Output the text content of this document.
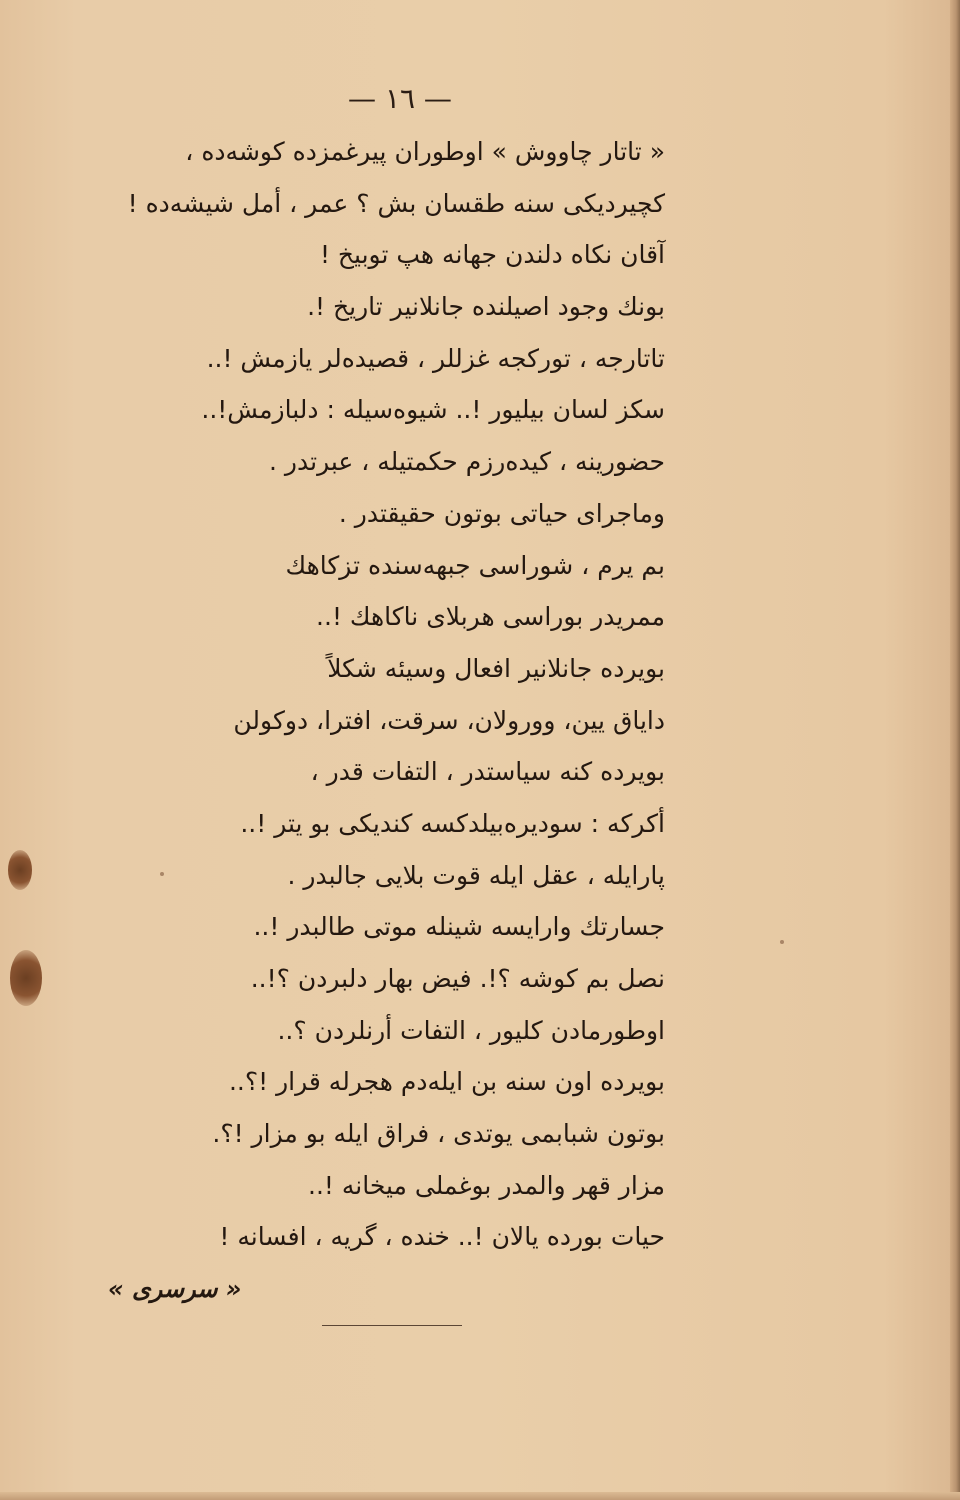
— ١٦ —
« تاتار چاووش » اوطوران پیرغمزده کوشه‌ده ،
کچیردیکی سنه طقسان بش ؟ عمر ، أمل شیشه‌ده !
آقان نکاه دلندن جهانه هپ توبیخ !
بونك وجود اصیلنده جانلانیر تاریخ !.
تاتارجه ، تورکجه غزللر ، قصیده‌لر یازمش !..
سکز لسان بیلیور !.. شیوه‌سیله : دلبازمش!..
حضورینه ، کیده‌رزم حکمتیله ، عبرتدر .
وماجرای حیاتی بوتون حقیقتدر .
بم یرم ، شوراسی جبهه‌سنده تزکاهك
ممریدر بوراسی هربلای ناکاهك !..
بویرده جانلانیر افعال وسیئه شکلاً
دایاق یین، وورولان، سرقت، افترا، دوکولن
بویرده کنه سیاستدر ، التفات قدر ،
أکرکه : سودیره‌بیلدکسه کندیکی بو یتر !..
پارایله ، عقل ایله قوت بلایی جالبدر .
جسارتك وارایسه شینله موتی طالبدر !..
نصل بم کوشه ؟!. فیض بهار دلبردن ؟!..
اوطورمادن کلیور ، التفات أرنلردن ؟..
بویرده اون سنه بن ایله‌دم هجرله قرار !؟..
بوتون شبابمی یوتدی ، فراق ایله بو مزار !؟.
مزار قهر والمدر بوغملی میخانه !..
حیات بورده یالان !.. خنده ، گریه ، افسانه !
« سرسری »
